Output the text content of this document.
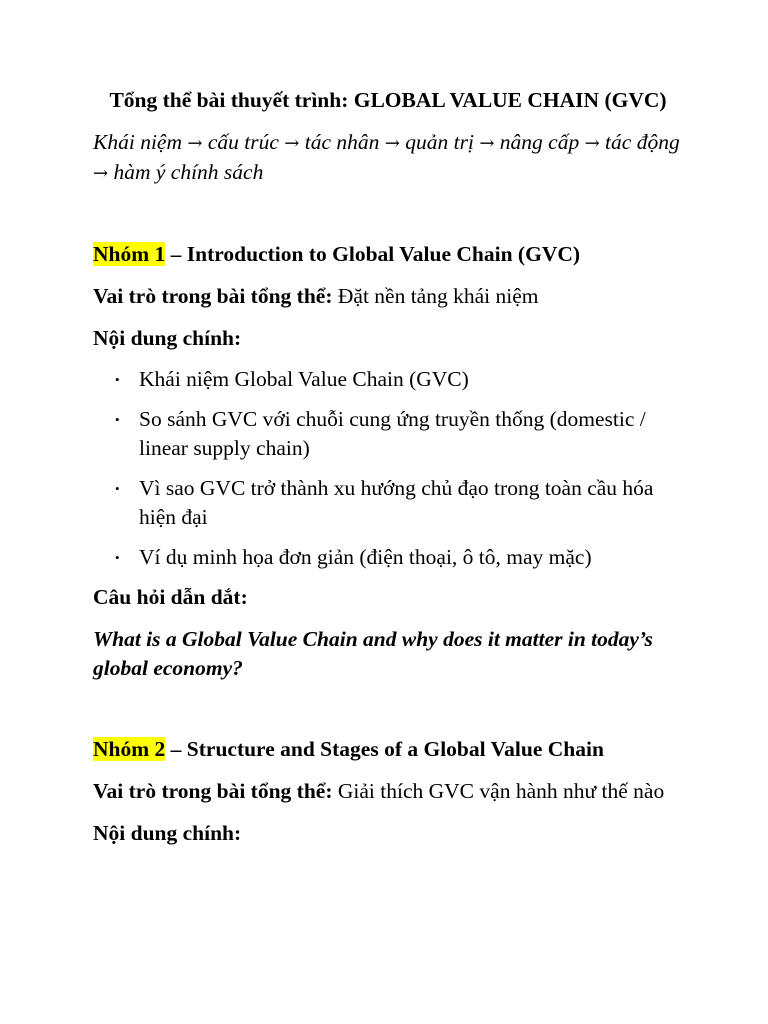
Tổng thể bài thuyết trình: GLOBAL VALUE CHAIN (GVC)

Khái niệm → cấu trúc → tác nhân → quản trị → nâng cấp → tác động → hàm ý chính sách

Nhóm 1 – Introduction to Global Value Chain (GVC)

Vai trò trong bài tổng thể: Đặt nền tảng khái niệm

Nội dung chính:

• Khái niệm Global Value Chain (GVC)
• So sánh GVC với chuỗi cung ứng truyền thống (domestic / linear supply chain)
• Vì sao GVC trở thành xu hướng chủ đạo trong toàn cầu hóa hiện đại
• Ví dụ minh họa đơn giản (điện thoại, ô tô, may mặc)

Câu hỏi dẫn dắt:

What is a Global Value Chain and why does it matter in today’s global economy?

Nhóm 2 – Structure and Stages of a Global Value Chain

Vai trò trong bài tổng thể: Giải thích GVC vận hành như thế nào

Nội dung chính:
